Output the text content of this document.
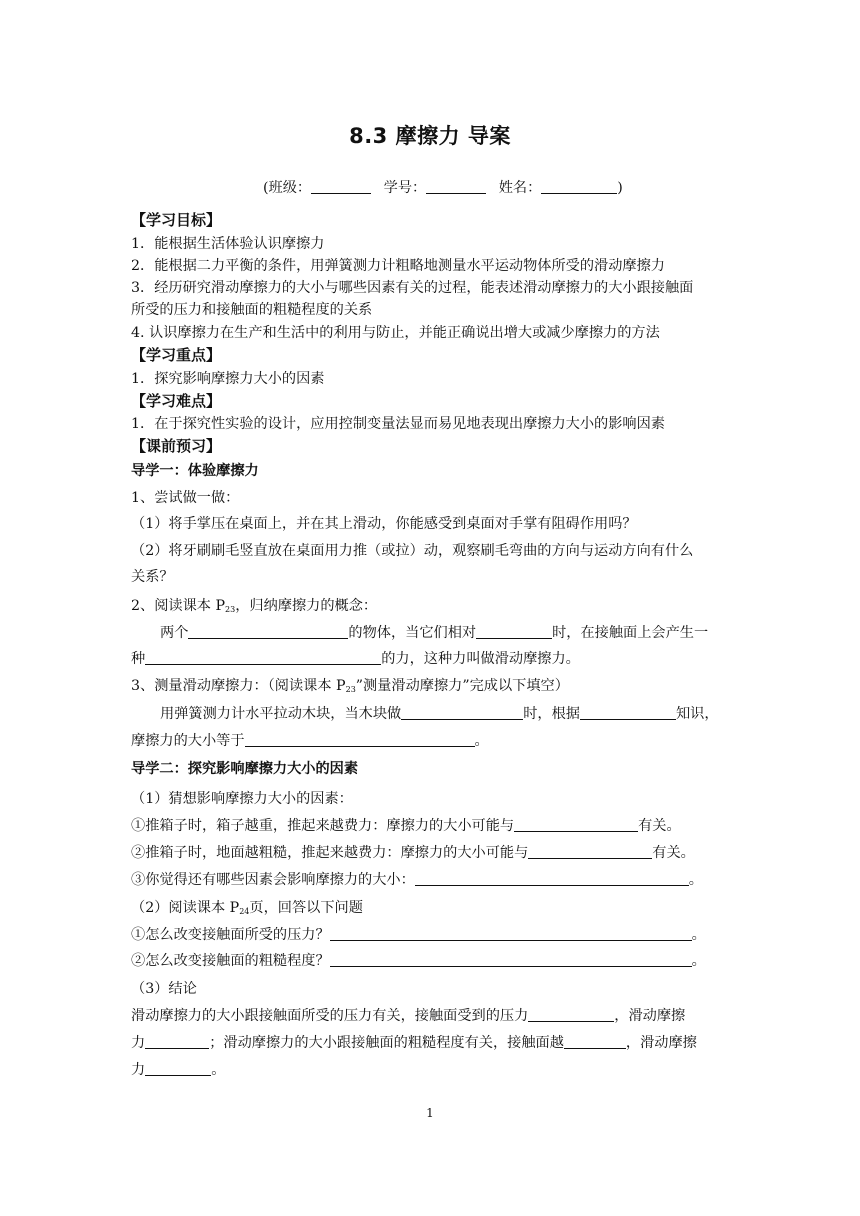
8.3 摩擦力 导案
(班级：	学号：	姓名：	)
【学习目标】
1．能根据生活体验认识摩擦力
2．能根据二力平衡的条件，用弹簧测力计粗略地测量水平运动物体所受的滑动摩擦力
3．经历研究滑动摩擦力的大小与哪些因素有关的过程，能表述滑动摩擦力的大小跟接触面
所受的压力和接触面的粗糙程度的关系
4. 认识摩擦力在生产和生活中的利用与防止，并能正确说出增大或减少摩擦力的方法
【学习重点】
1．探究影响摩擦力大小的因素
【学习难点】
1．在于探究性实验的设计，应用控制变量法显而易见地表现出摩擦力大小的影响因素
【课前预习】
导学一：体验摩擦力
1、尝试做一做：
（1）将手掌压在桌面上，并在其上滑动，你能感受到桌面对手掌有阻碍作用吗？
（2）将牙刷刷毛竖直放在桌面用力推（或拉）动，观察刷毛弯曲的方向与运动方向有什么
关系？
2、阅读课本 $P_{23}$，归纳摩擦力的概念：
两个	的物体，当它们相对	时，在接触面上会产生一
种	的力，这种力叫做滑动摩擦力。
3、测量滑动摩擦力：（阅读课本 $P_{23}$”测量滑动摩擦力”完成以下填空）
用弹簧测力计水平拉动木块，当木块做	时，根据	知识，
摩擦力的大小等于	。
导学二：探究影响摩擦力大小的因素
（1）猜想影响摩擦力大小的因素：
①推箱子时，箱子越重，推起来越费力：摩擦力的大小可能与	有关。
②推箱子时，地面越粗糙，推起来越费力：摩擦力的大小可能与	有关。
③你觉得还有哪些因素会影响摩擦力的大小：	。
（2）阅读课本 $P_{24}$页，回答以下问题
①怎么改变接触面所受的压力？	。
②怎么改变接触面的粗糙程度？	。
（3）结论
滑动摩擦力的大小跟接触面所受的压力有关，接触面受到的压力	，滑动摩擦
力	；滑动摩擦力的大小跟接触面的粗糙程度有关，接触面越	，滑动摩擦
力	。
1
